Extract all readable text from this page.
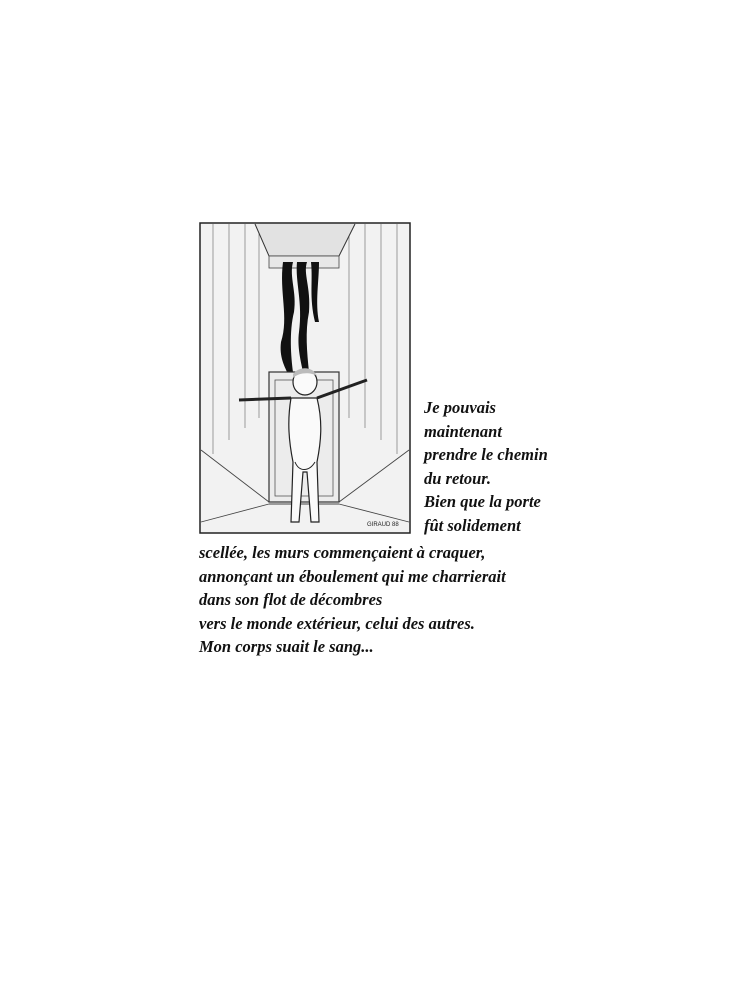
GIRAUD 88
Je pouvais
maintenant
prendre le chemin
du retour.
Bien que la porte
fût solidement
scellée, les murs commençaient à craquer,
annonçant un éboulement qui me charrierait
dans son flot de décombres
vers le monde extérieur, celui des autres.
Mon corps suait le sang...
